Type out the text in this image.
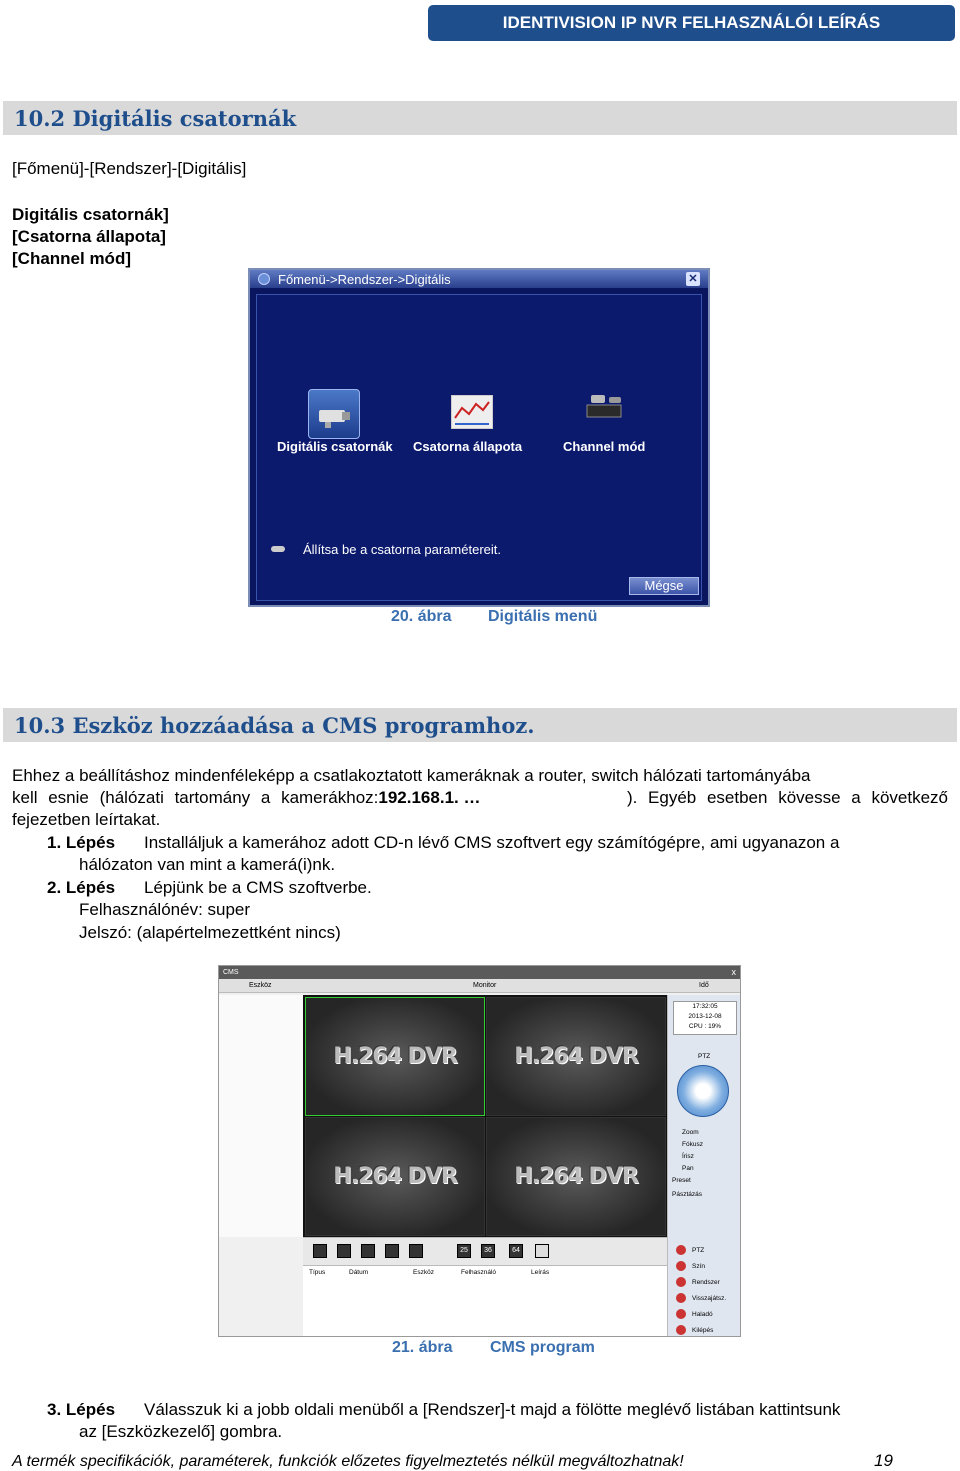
IDENTIVISION IP NVR FELHASZNÁLÓI LEÍRÁS
10.2 Digitális csatornák
[Főmenü]-[Rendszer]-[Digitális]
Digitális csatornák]
[Csatorna állapota]
[Channel mód]
Főmenü->Rendszer->Digitális	✕
Digitális csatornák Csatorna állapota	Channel mód
Állítsa be a csatorna paramétereit.
Mégse
20. ábra Digitális menü
10.3 Eszköz hozzáadása a CMS programhoz.
Ehhez a beállításhoz mindenféleképp a csatlakoztatott kameráknak a router, switch hálózati tartományába
kell esnie (hálózati tartomány a kamerákhoz: 192.168.1. …	). Egyéb esetben kövesse a következő
fejezetben leírtakat.
1. Lépés Installáljuk a kamerához adott CD-n lévő CMS szoftvert egy számítógépre, ami ugyanazon a
hálózaton van mint a kamerá(i)nk.
2. Lépés Lépjünk be a CMS szoftverbe.
Felhasználónév: super
Jelszó: (alapértelmezettként nincs)
CMS	x
Eszköz	Monitor	Idő
H.264 DVR	H.264 DVR
H.264 DVR	H.264 DVR
25	36	64
Típus	Dátum	Eszköz	Felhasználó	Leírás
17:32:05
2013-12-08
CPU : 19%
PTZ
Zoom
Fókusz
Írisz
Pan
Preset
Pásztázás
PTZ
Szín
Rendszer
Visszajátsz.
Haladó
Kilépés
21. ábra CMS program
3. Lépés Válasszuk ki a jobb oldali menüből a [Rendszer]-t majd a fölötte meglévő listában kattintsunk
az [Eszközkezelő] gombra.
A termék specifikációk, paraméterek, funkciók előzetes figyelmeztetés nélkül megváltozhatnak!	19
